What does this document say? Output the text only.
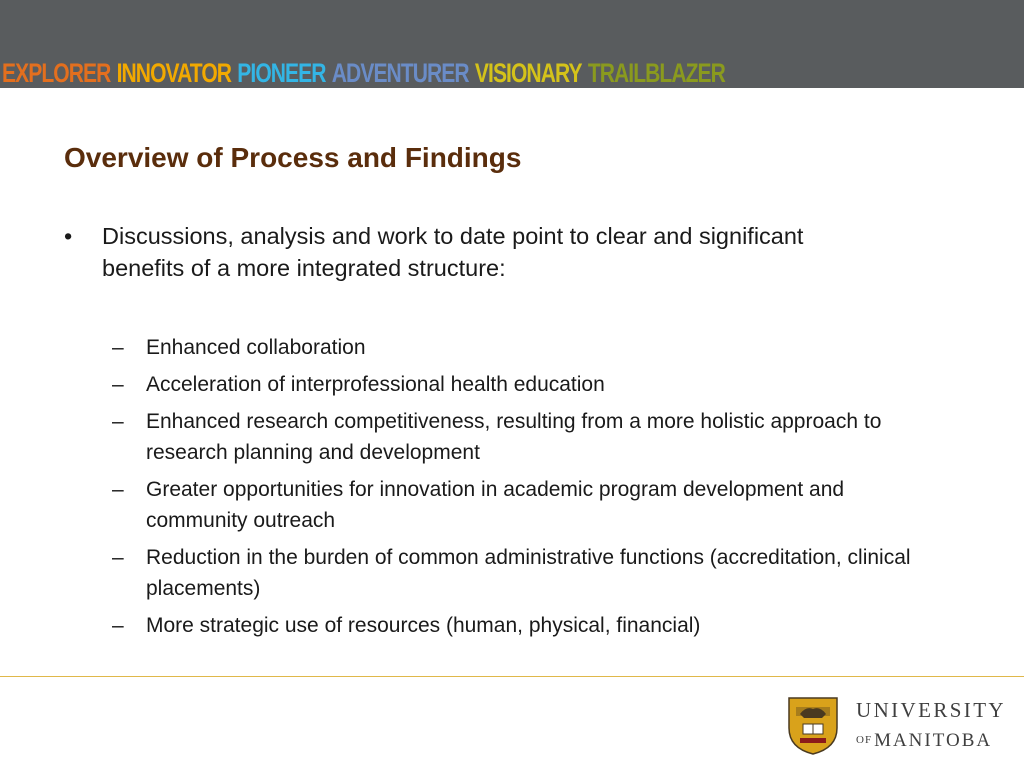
EXPLORER INNOVATOR PIONEER ADVENTURER VISIONARY TRAILBLAZER
Overview of Process and Findings
•	Discussions, analysis and work to date point to clear and significant benefits of a more integrated structure:
– Enhanced collaboration
– Acceleration of interprofessional health education
– Enhanced research competitiveness, resulting from a more holistic approach to research planning and development
– Greater opportunities for innovation in academic program development and community outreach
– Reduction in the burden of common administrative functions (accreditation, clinical placements)
– More strategic use of resources (human, physical, financial)
UNIVERSITY
OF MANITOBA
